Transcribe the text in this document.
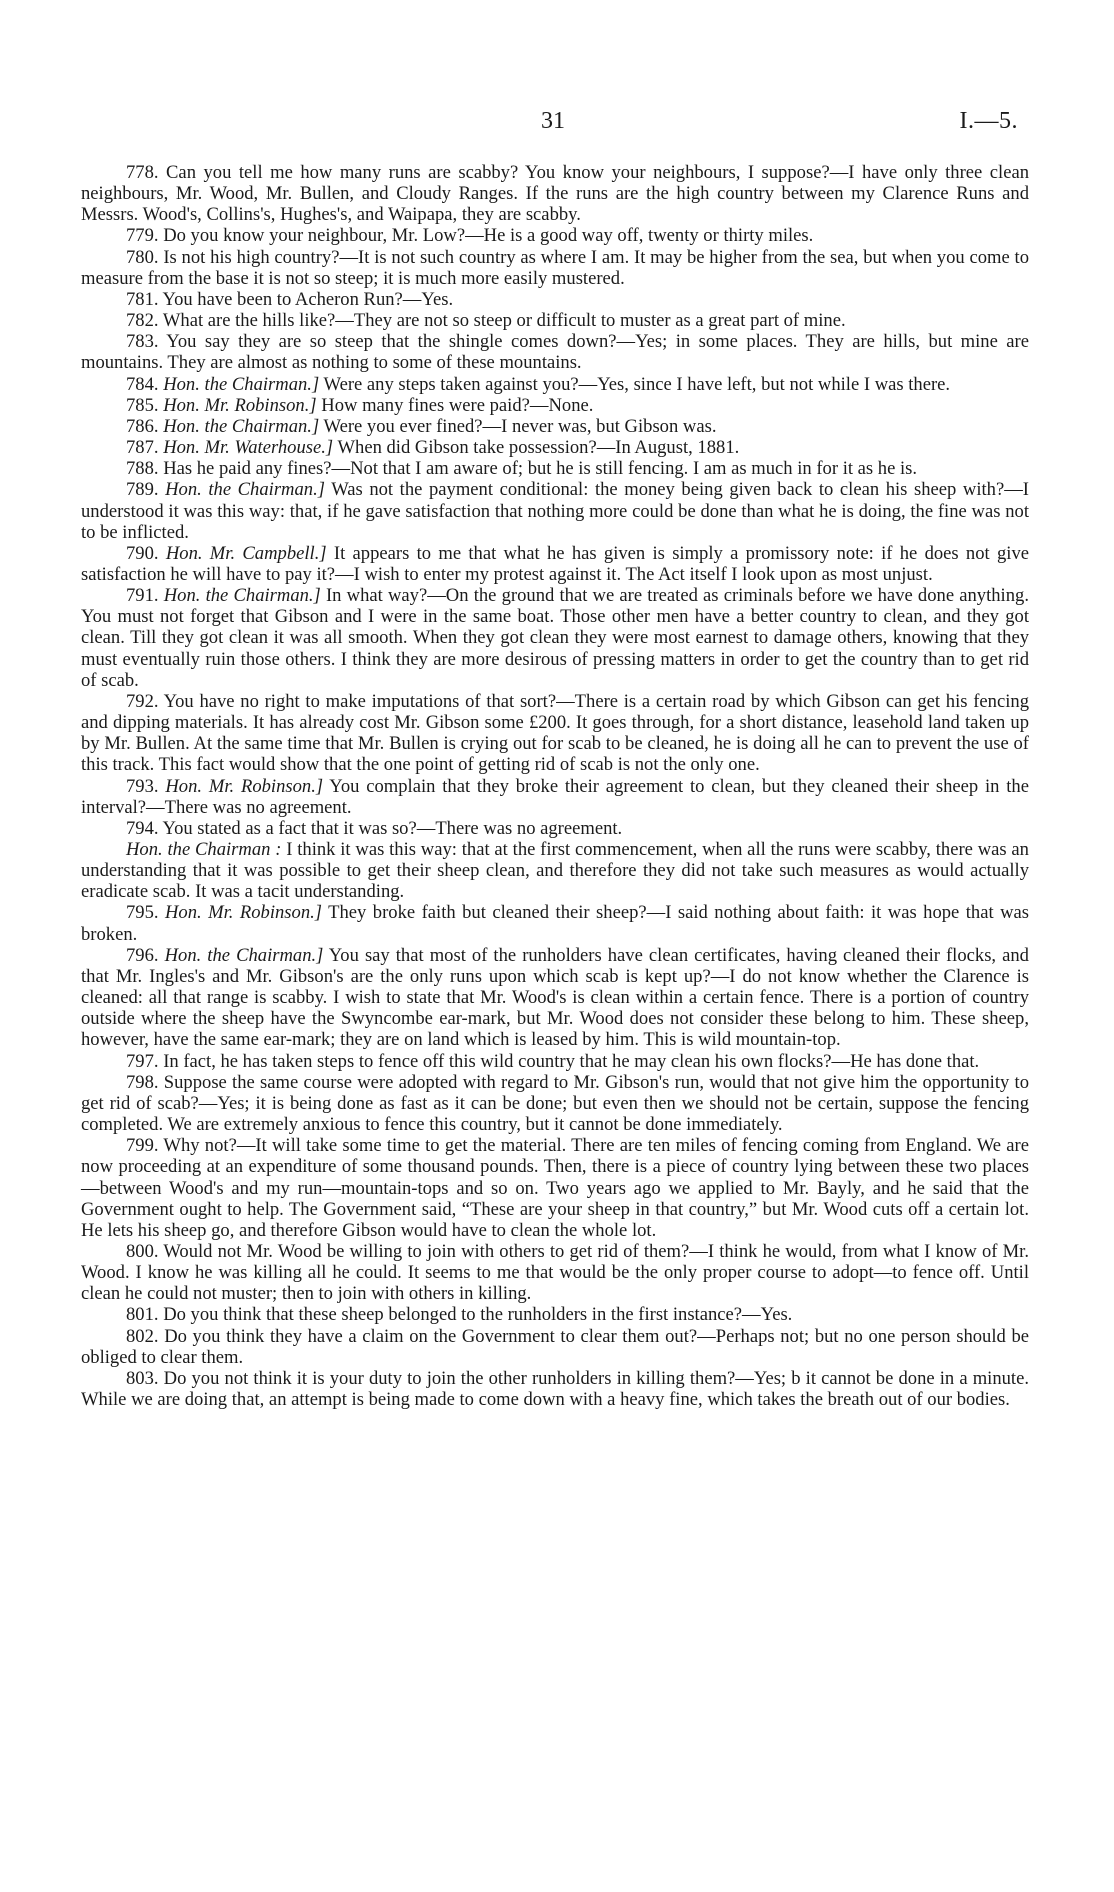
31	I.—5.

778. Can you tell me how many runs are scabby? You know your neighbours, I suppose?—I have only three clean neighbours, Mr. Wood, Mr. Bullen, and Cloudy Ranges. If the runs are the high country between my Clarence Runs and Messrs. Wood's, Collins's, Hughes's, and Waipapa, they are scabby.

779. Do you know your neighbour, Mr. Low?—He is a good way off, twenty or thirty miles.

780. Is not his high country?—It is not such country as where I am. It may be higher from the sea, but when you come to measure from the base it is not so steep; it is much more easily mustered.

781. You have been to Acheron Run?—Yes.

782. What are the hills like?—They are not so steep or difficult to muster as a great part of mine.

783. You say they are so steep that the shingle comes down?—Yes; in some places. They are hills, but mine are mountains. They are almost as nothing to some of these mountains.

784. Hon. the Chairman.] Were any steps taken against you?—Yes, since I have left, but not while I was there.

785. Hon. Mr. Robinson.] How many fines were paid?—None.

786. Hon. the Chairman.] Were you ever fined?—I never was, but Gibson was.

787. Hon. Mr. Waterhouse.] When did Gibson take possession?—In August, 1881.

788. Has he paid any fines?—Not that I am aware of; but he is still fencing. I am as much in for it as he is.

789. Hon. the Chairman.] Was not the payment conditional: the money being given back to clean his sheep with?—I understood it was this way: that, if he gave satisfaction that nothing more could be done than what he is doing, the fine was not to be inflicted.

790. Hon. Mr. Campbell.] It appears to me that what he has given is simply a promissory note: if he does not give satisfaction he will have to pay it?—I wish to enter my protest against it. The Act itself I look upon as most unjust.

791. Hon. the Chairman.] In what way?—On the ground that we are treated as criminals before we have done anything. You must not forget that Gibson and I were in the same boat. Those other men have a better country to clean, and they got clean. Till they got clean it was all smooth. When they got clean they were most earnest to damage others, knowing that they must eventually ruin those others. I think they are more desirous of pressing matters in order to get the country than to get rid of scab.

792. You have no right to make imputations of that sort?—There is a certain road by which Gibson can get his fencing and dipping materials. It has already cost Mr. Gibson some £200. It goes through, for a short distance, leasehold land taken up by Mr. Bullen. At the same time that Mr. Bullen is crying out for scab to be cleaned, he is doing all he can to prevent the use of this track. This fact would show that the one point of getting rid of scab is not the only one.

793. Hon. Mr. Robinson.] You complain that they broke their agreement to clean, but they cleaned their sheep in the interval?—There was no agreement.

794. You stated as a fact that it was so?—There was no agreement.

Hon. the Chairman : I think it was this way: that at the first commencement, when all the runs were scabby, there was an understanding that it was possible to get their sheep clean, and therefore they did not take such measures as would actually eradicate scab. It was a tacit understanding.

795. Hon. Mr. Robinson.] They broke faith but cleaned their sheep?—I said nothing about faith: it was hope that was broken.

796. Hon. the Chairman.] You say that most of the runholders have clean certificates, having cleaned their flocks, and that Mr. Ingles's and Mr. Gibson's are the only runs upon which scab is kept up?—I do not know whether the Clarence is cleaned: all that range is scabby. I wish to state that Mr. Wood's is clean within a certain fence. There is a portion of country outside where the sheep have the Swyncombe ear-mark, but Mr. Wood does not consider these belong to him. These sheep, however, have the same ear-mark; they are on land which is leased by him. This is wild mountain-top.

797. In fact, he has taken steps to fence off this wild country that he may clean his own flocks?—He has done that.

798. Suppose the same course were adopted with regard to Mr. Gibson's run, would that not give him the opportunity to get rid of scab?—Yes; it is being done as fast as it can be done; but even then we should not be certain, suppose the fencing completed. We are extremely anxious to fence this country, but it cannot be done immediately.

799. Why not?—It will take some time to get the material. There are ten miles of fencing coming from England. We are now proceeding at an expenditure of some thousand pounds. Then, there is a piece of country lying between these two places—between Wood's and my run—mountain-tops and so on. Two years ago we applied to Mr. Bayly, and he said that the Government ought to help. The Government said, “These are your sheep in that country,” but Mr. Wood cuts off a certain lot. He lets his sheep go, and therefore Gibson would have to clean the whole lot.

800. Would not Mr. Wood be willing to join with others to get rid of them?—I think he would, from what I know of Mr. Wood. I know he was killing all he could. It seems to me that would be the only proper course to adopt—to fence off. Until clean he could not muster; then to join with others in killing.

801. Do you think that these sheep belonged to the runholders in the first instance?—Yes.

802. Do you think they have a claim on the Government to clear them out?—Perhaps not; but no one person should be obliged to clear them.

803. Do you not think it is your duty to join the other runholders in killing them?—Yes; b it cannot be done in a minute. While we are doing that, an attempt is being made to come down with a heavy fine, which takes the breath out of our bodies.
